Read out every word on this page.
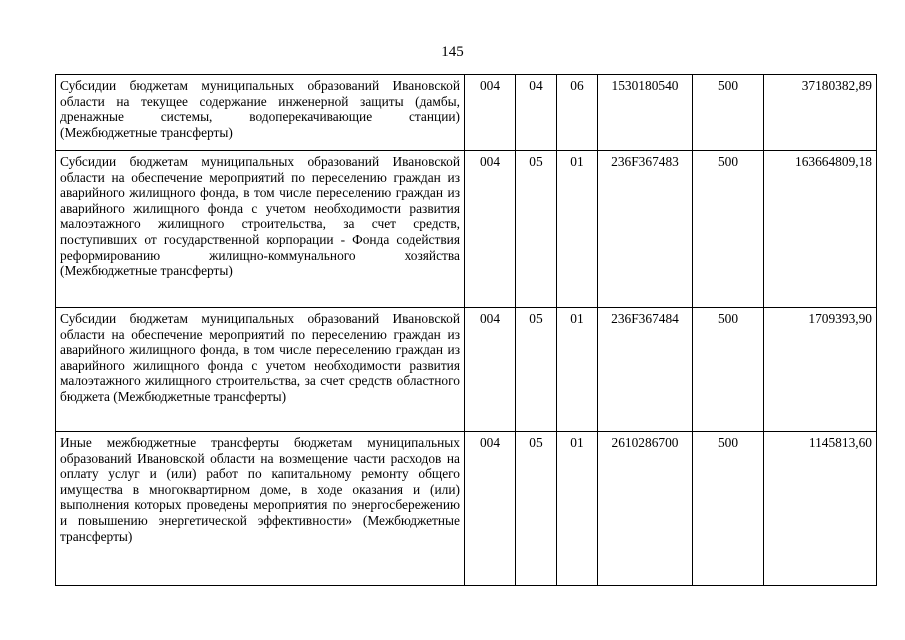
145
Субсидии бюджетам муниципальных образований Ивановской области на текущее содержание инженерной защиты (дамбы, дренажные системы, водоперекачивающие станции) (Межбюджетные трансферты)	004	04	06	1530180540	500	37180382,89
Субсидии бюджетам муниципальных образований Ивановской области на обеспечение мероприятий по переселению граждан из аварийного жилищного фонда, в том числе переселению граждан из аварийного жилищного фонда с учетом необходимости развития малоэтажного жилищного строительства, за счет средств, поступивших от государственной корпорации - Фонда содействия реформированию жилищно-коммунального хозяйства (Межбюджетные трансферты)	004	05	01	236F367483	500	163664809,18
Субсидии бюджетам муниципальных образований Ивановской области на обеспечение мероприятий по переселению граждан из аварийного жилищного фонда, в том числе переселению граждан из аварийного жилищного фонда с учетом необходимости развития малоэтажного жилищного строительства, за счет средств областного бюджета (Межбюджетные трансферты)	004	05	01	236F367484	500	1709393,90
Иные межбюджетные трансферты бюджетам муниципальных образований Ивановской области на возмещение части расходов на оплату услуг и (или) работ по капитальному ремонту общего имущества в многоквартирном доме, в ходе оказания и (или) выполнения которых проведены мероприятия по энергосбережению и повышению энергетической эффективности» (Межбюджетные трансферты)	004	05	01	2610286700	500	1145813,60
